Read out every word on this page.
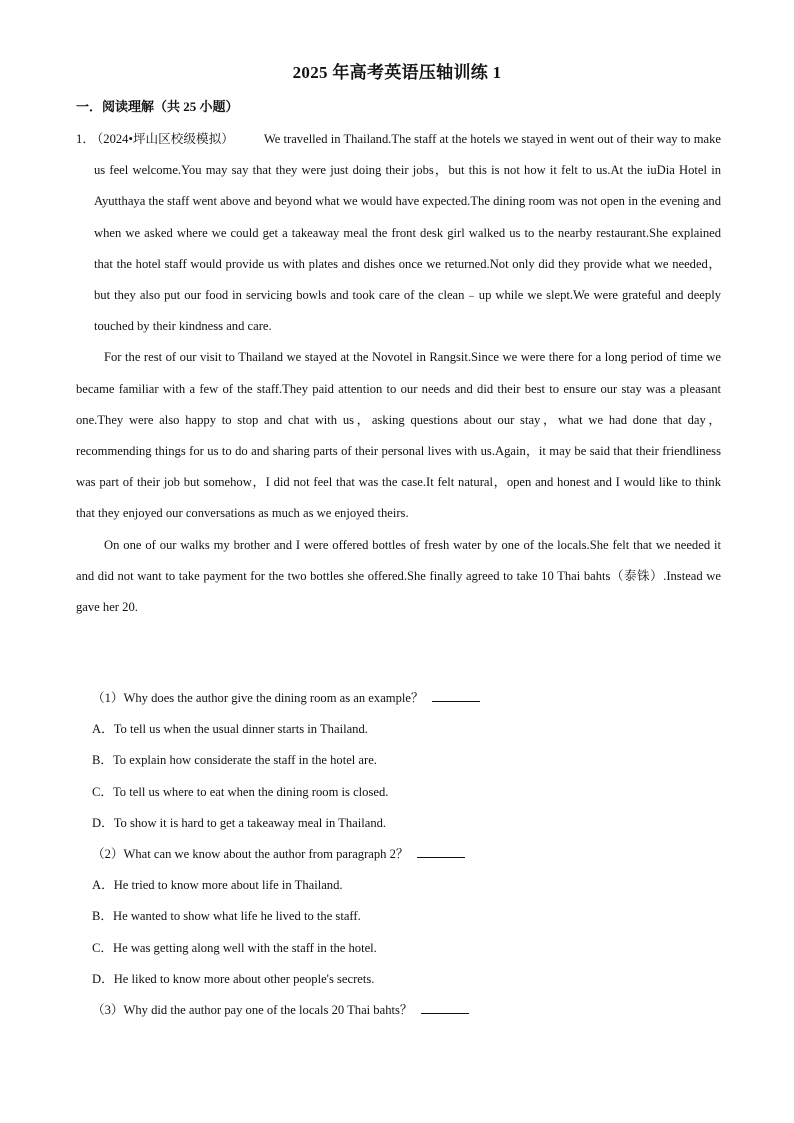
2025 年高考英语压轴训练 1
一．阅读理解（共 25 小题）

1． （2024•坪山区校级模拟） We travelled in Thailand.The staff at the hotels we stayed in went out of their way to make us feel welcome.You may say that they were just doing their jobs，but this is not how it felt to us.At the iuDia Hotel in Ayutthaya the staff went above and beyond what we would have expected.The dining room was not open in the evening and when we asked where we could get a takeaway meal the front desk girl walked us to the nearby restaurant.She explained that the hotel staff would provide us with plates and dishes once we returned.Not only did they provide what we needed，but they also put our food in servicing bowls and took care of the clean﹣up while we slept.We were grateful and deeply touched by their kindness and care.

For the rest of our visit to Thailand we stayed at the Novotel in Rangsit.Since we were there for a long period of time we became familiar with a few of the staff.They paid attention to our needs and did their best to ensure our stay was a pleasant one.They were also happy to stop and chat with us，asking questions about our stay，what we had done that day，recommending things for us to do and sharing parts of their personal lives with us.Again，it may be said that their friendliness was part of their job but somehow，I did not feel that was the case.It felt natural，open and honest and I would like to think that they enjoyed our conversations as much as we enjoyed theirs.

On one of our walks my brother and I were offered bottles of fresh water by one of the locals.She felt that we needed it and did not want to take payment for the two bottles she offered.She finally agreed to take 10 Thai bahts（泰铢）.Instead we gave her 20.

（1）Why does the author give the dining room as an example？

A．To tell us when the usual dinner starts in Thailand.

B．To explain how considerate the staff in the hotel are.

C．To tell us where to eat when the dining room is closed.

D．To show it is hard to get a takeaway meal in Thailand.

（2）What can we know about the author from paragraph 2？

A．He tried to know more about life in Thailand.

B．He wanted to show what life he lived to the staff.

C．He was getting along well with the staff in the hotel.

D．He liked to know more about other people's secrets.

（3）Why did the author pay one of the locals 20 Thai bahts？
